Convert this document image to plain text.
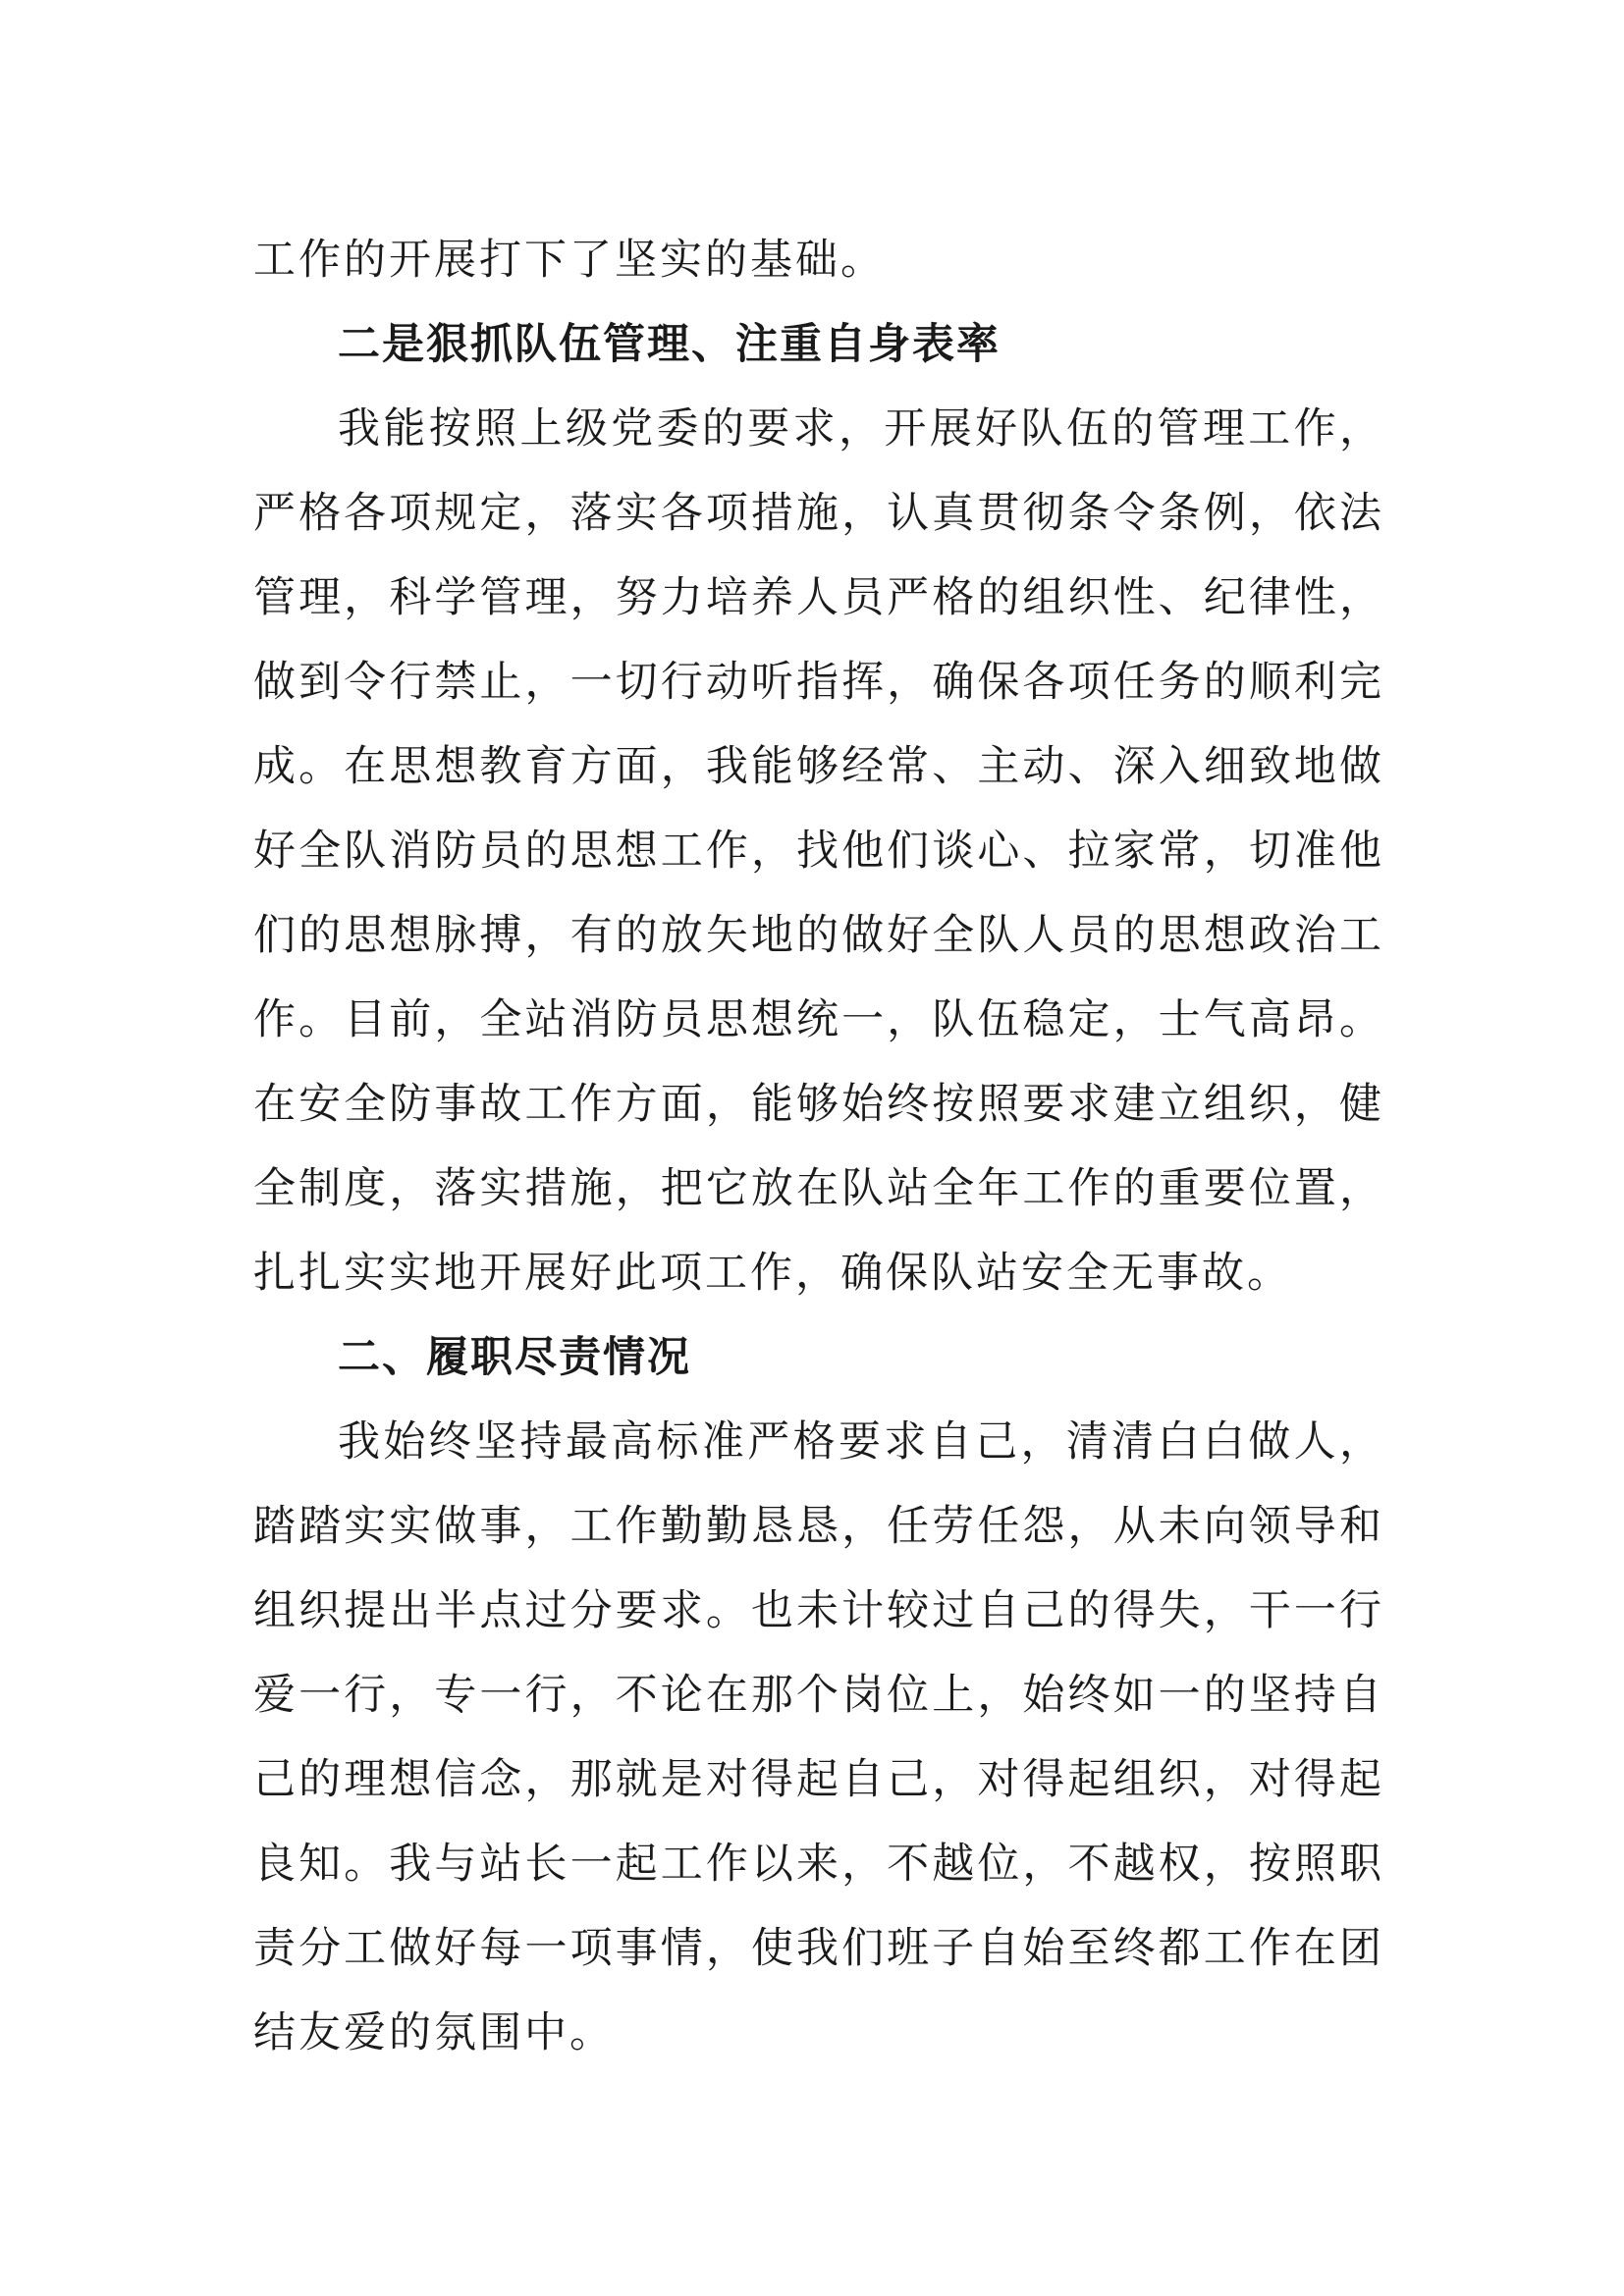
工作的开展打下了坚实的基础。
二是狠抓队伍管理、注重自身表率
我能按照上级党委的要求，开展好队伍的管理工作，
严格各项规定，落实各项措施，认真贯彻条令条例，依法
管理，科学管理，努力培养人员严格的组织性、纪律性，
做到令行禁止，一切行动听指挥，确保各项任务的顺利完
成。在思想教育方面，我能够经常、主动、深入细致地做
好全队消防员的思想工作，找他们谈心、拉家常，切准他
们的思想脉搏，有的放矢地的做好全队人员的思想政治工
作。目前，全站消防员思想统一，队伍稳定，士气高昂。
在安全防事故工作方面，能够始终按照要求建立组织，健
全制度，落实措施，把它放在队站全年工作的重要位置，
扎扎实实地开展好此项工作，确保队站安全无事故。
二、履职尽责情况
我始终坚持最高标准严格要求自己，清清白白做人，
踏踏实实做事，工作勤勤恳恳，任劳任怨，从未向领导和
组织提出半点过分要求。也未计较过自己的得失，干一行
爱一行，专一行，不论在那个岗位上，始终如一的坚持自
己的理想信念，那就是对得起自己，对得起组织，对得起
良知。我与站长一起工作以来，不越位，不越权，按照职
责分工做好每一项事情，使我们班子自始至终都工作在团
结友爱的氛围中。
